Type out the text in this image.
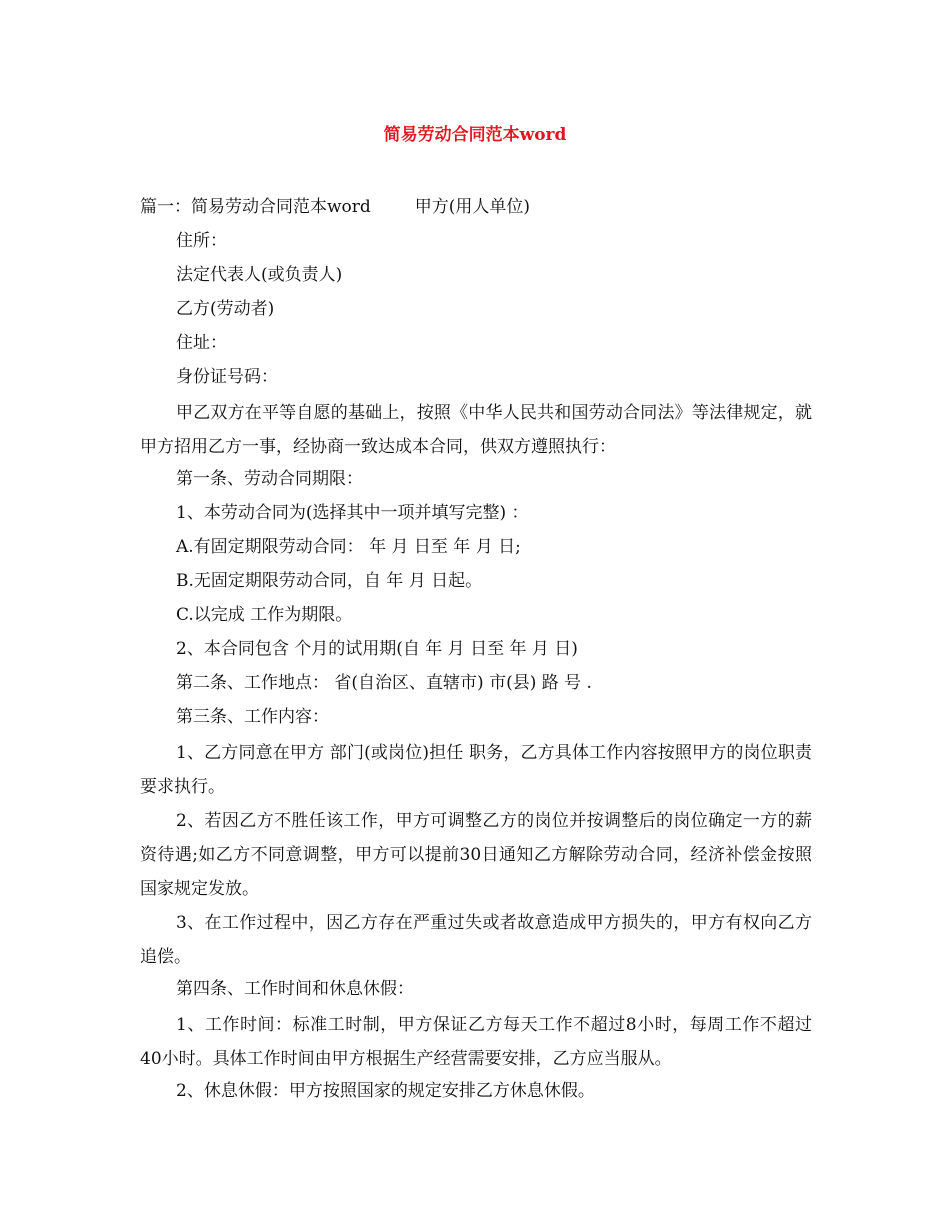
简易劳动合同范本word
篇一：简易劳动合同范本word	甲方(用人单位)
住所：
法定代表人(或负责人)
乙方(劳动者)
住址：
身份证号码：

甲乙双方在平等自愿的基础上，按照《中华人民共和国劳动合同法》等法律规定，就甲方招用乙方一事，经协商一致达成本合同，供双方遵照执行：

第一条、劳动合同期限：
1、本劳动合同为(选择其中一项并填写完整) ：
A.有固定期限劳动合同： 年 月 日至 年 月 日;
B.无固定期限劳动合同，自 年 月 日起。
C.以完成 工作为期限。
2、本合同包含 个月的试用期(自 年 月 日至 年 月 日)
第二条、工作地点： 省(自治区、直辖市) 市(县) 路 号 .
第三条、工作内容：

1、乙方同意在甲方 部门(或岗位)担任 职务，乙方具体工作内容按照甲方的岗位职责要求执行。

2、若因乙方不胜任该工作，甲方可调整乙方的岗位并按调整后的岗位确定一方的薪资待遇;如乙方不同意调整，甲方可以提前30日通知乙方解除劳动合同，经济补偿金按照国家规定发放。

3、在工作过程中，因乙方存在严重过失或者故意造成甲方损失的，甲方有权向乙方追偿。

第四条、工作时间和休息休假：

1、工作时间：标准工时制，甲方保证乙方每天工作不超过8小时，每周工作不超过40小时。具体工作时间由甲方根据生产经营需要安排，乙方应当服从。

2、休息休假：甲方按照国家的规定安排乙方休息休假。
